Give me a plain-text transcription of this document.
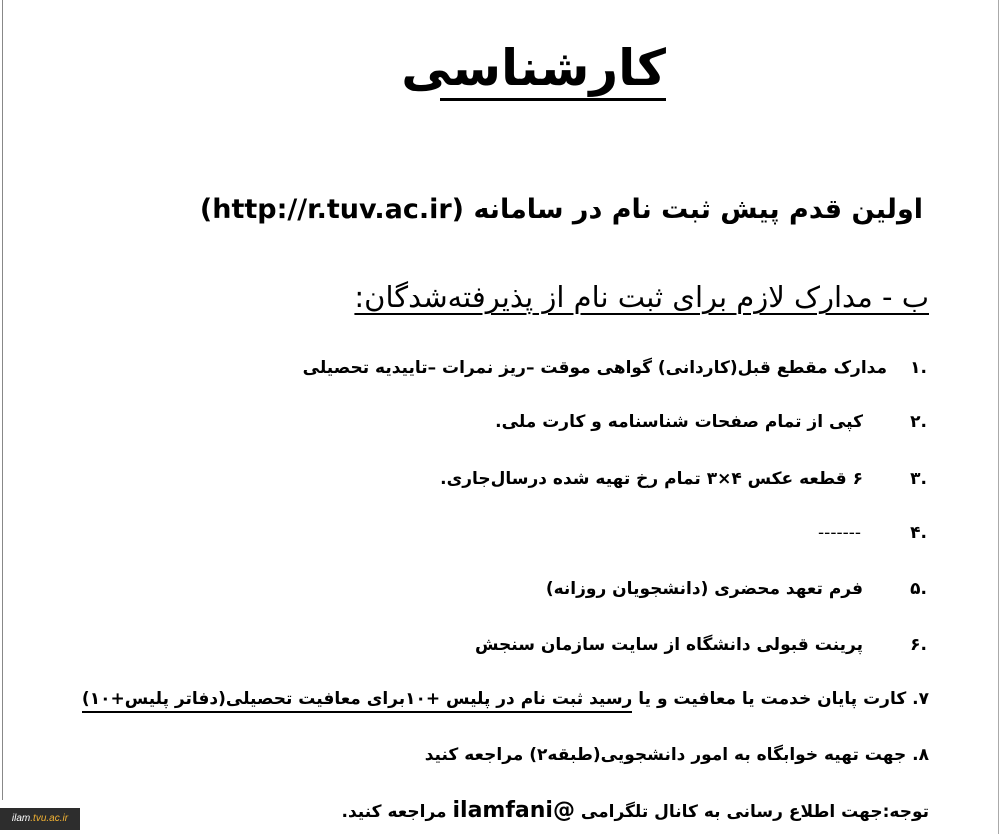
کارشناسی
اولین قدم پیش ثبت نام در سامانه (http://r.tuv.ac.ir)
ب - مدارک لازم برای ثبت نام از پذیرفته‌شدگان:
.۱مدارک مقطع قبل(کاردانی) گواهی موقت –ریز نمرات –تاییدیه تحصیلی
.۲کپی از تمام صفحات شناسنامه و کارت ملی.
.۳۶ قطعه عکس ۴×۳ تمام رخ تهیه شده درسال‌جاری.
.۴-------
.۵فرم تعهد محضری (دانشجویان روزانه)
.۶پرینت قبولی دانشگاه از سایت سازمان سنجش
۷. کارت پایان خدمت یا معافیت و یا رسید ثبت نام در پلیس +۱۰برای معافیت تحصیلی(دفاتر پلیس+۱۰)
۸. جهت تهیه خوابگاه به امور دانشجویی(طبقه۲) مراجعه کنید
توجه:جهت اطلاع رسانی به کانال تلگرامی ilamfani@ مراجعه کنید.
ilam.tvu.ac.ir
